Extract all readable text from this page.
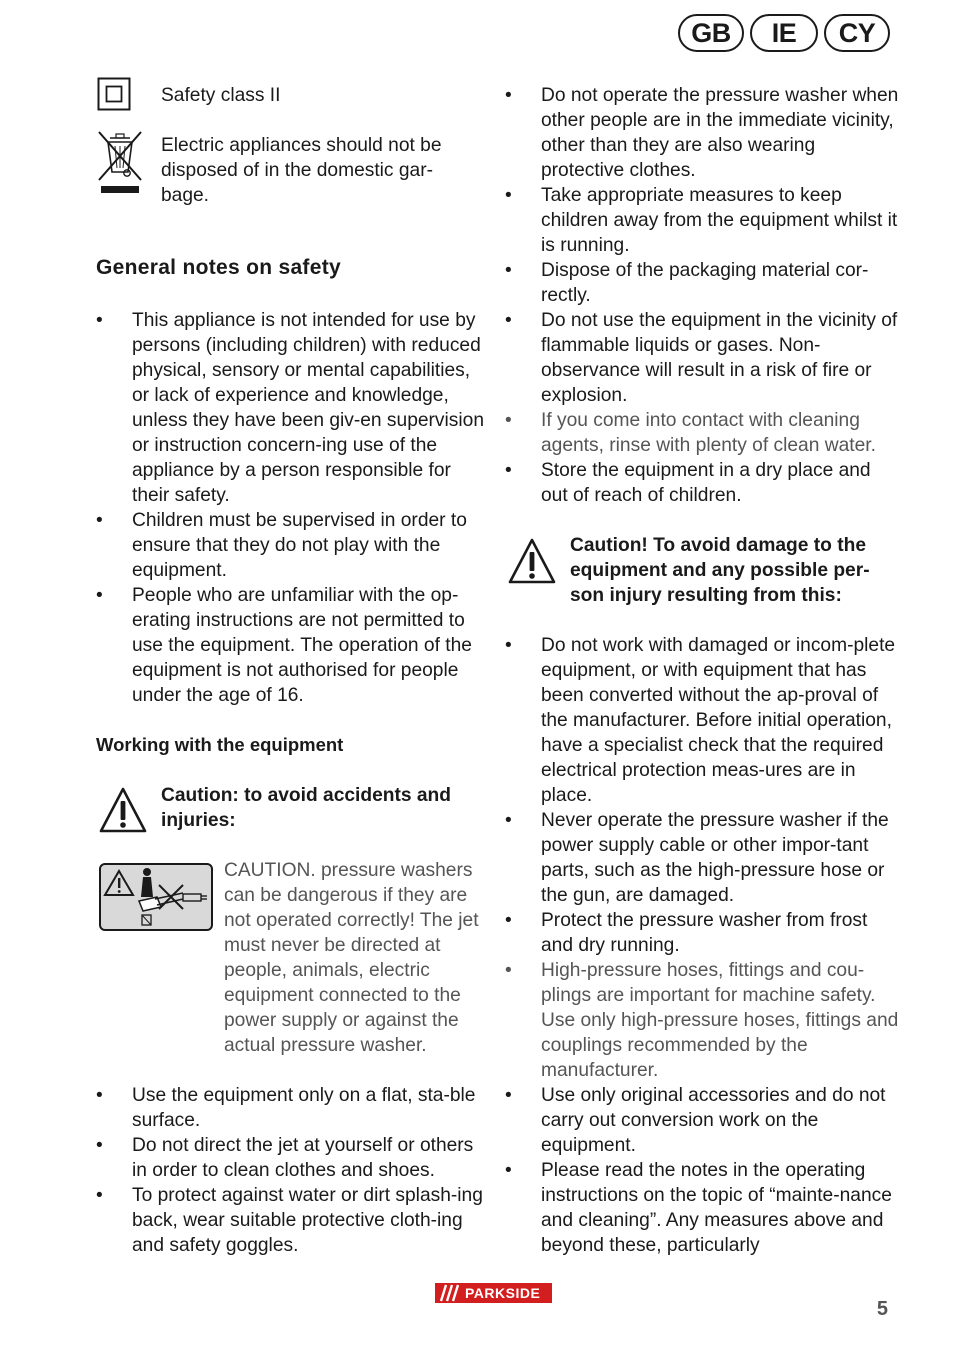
GB	IE	CY
Safety class II
Electric appliances should not be disposed of in the domestic gar-bage.
General notes on safety
• This appliance is not intended for use by persons (including children) with reduced physical, sensory or mental capabilities, or lack of experience and knowledge, unless they have been giv-en supervision or instruction concern-ing use of the appliance by a person responsible for their safety.
• Children must be supervised in order to ensure that they do not play with the equipment.
• People who are unfamiliar with the op-erating instructions are not permitted to use the equipment. The operation of the equipment is not authorised for people under the age of 16.
Working with the equipment
Caution: to avoid accidents and injuries:
CAUTION. pressure washers can be dangerous if they are not operated correctly! The jet must never be directed at people, animals, electric equipment connected to the power supply or against the actual pressure washer.
• Use the equipment only on a flat, sta-ble surface.
• Do not direct the jet at yourself or others in order to clean clothes and shoes.
• To protect against water or dirt splash-ing back, wear suitable protective cloth-ing and safety goggles.
• Do not operate the pressure washer when other people are in the immediate vicinity, other than they are also wearing protective clothes.
• Take appropriate measures to keep children away from the equipment whilst it is running.
• Dispose of the packaging material cor-rectly.
• Do not use the equipment in the vicinity of flammable liquids or gases. Non-observance will result in a risk of fire or explosion.
• If you come into contact with cleaning agents, rinse with plenty of clean water.
• Store the equipment in a dry place and out of reach of children.
Caution! To avoid damage to the equipment and any possible per-son injury resulting from this:
• Do not work with damaged or incom-plete equipment, or with equipment that has been converted without the ap-proval of the manufacturer. Before initial operation, have a specialist check that the required electrical protection meas-ures are in place.
• Never operate the pressure washer if the power supply cable or other impor-tant parts, such as the high-pressure hose or the gun, are damaged.
• Protect the pressure washer from frost and dry running.
• High-pressure hoses, fittings and cou-plings are important for machine safety. Use only high-pressure hoses, fittings and couplings recommended by the manufacturer.
• Use only original accessories and do not carry out conversion work on the equipment.
• Please read the notes in the operating instructions on the topic of “mainte-nance and cleaning”. Any measures above and beyond these, particularly
PARKSIDE
5
